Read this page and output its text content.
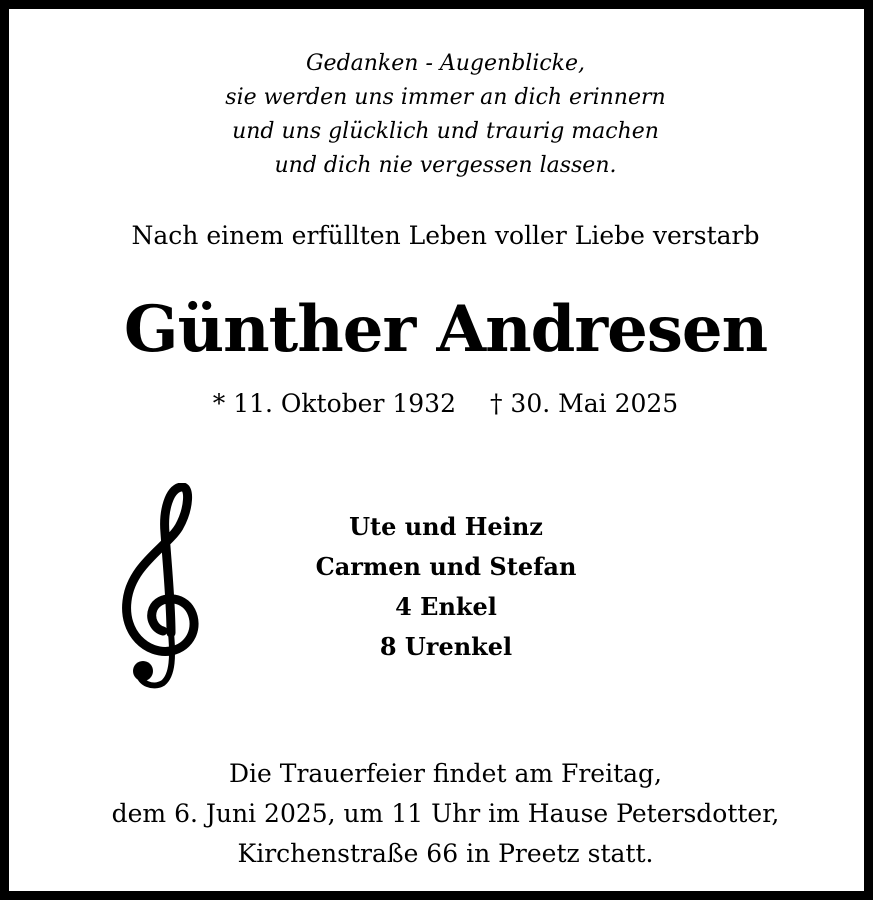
Gedanken - Augenblicke,
sie werden uns immer an dich erinnern
und uns glücklich und traurig machen
und dich nie vergessen lassen.

Nach einem erfüllten Leben voller Liebe verstarb

Günther Andresen

* 11. Oktober 1932 † 30. Mai 2025

Ute und Heinz
Carmen und Stefan
4 Enkel
8 Urenkel

Die Trauerfeier findet am Freitag,
dem 6. Juni 2025, um 11 Uhr im Hause Petersdotter,
Kirchenstraße 66 in Preetz statt.
